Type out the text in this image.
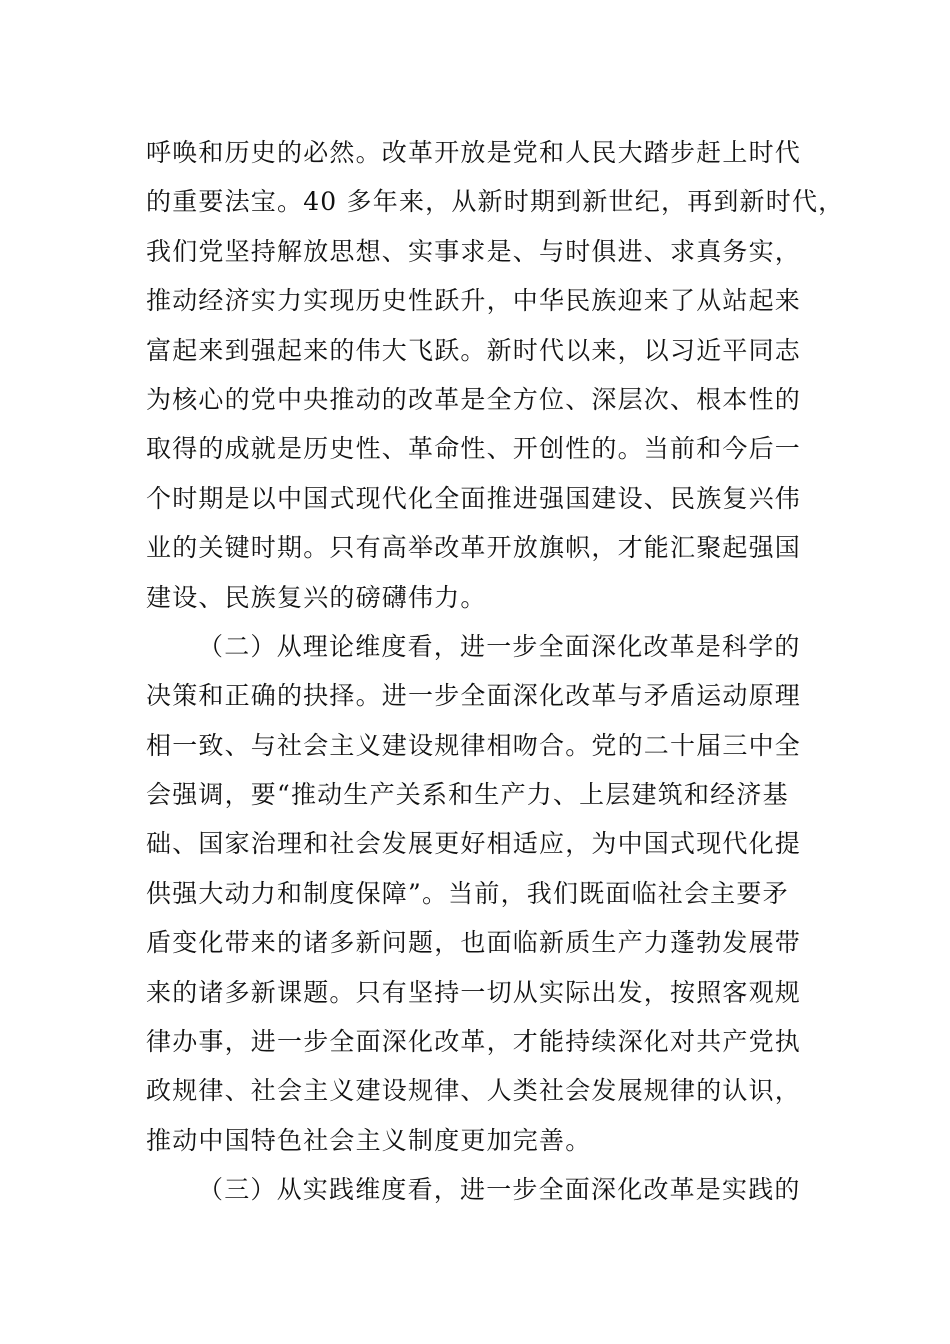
呼唤和历史的必然。改革开放是党和人民大踏步赶上时代
的重要法宝。40 多年来，从新时期到新世纪，再到新时代，
我们党坚持解放思想、实事求是、与时俱进、求真务实，
推动经济实力实现历史性跃升，中华民族迎来了从站起来
富起来到强起来的伟大飞跃。新时代以来，以习近平同志
为核心的党中央推动的改革是全方位、深层次、根本性的
取得的成就是历史性、革命性、开创性的。当前和今后一
个时期是以中国式现代化全面推进强国建设、民族复兴伟
业的关键时期。只有高举改革开放旗帜，才能汇聚起强国
建设、民族复兴的磅礴伟力。
（二）从理论维度看，进一步全面深化改革是科学的
决策和正确的抉择。进一步全面深化改革与矛盾运动原理
相一致、与社会主义建设规律相吻合。党的二十届三中全
会强调，要“推动生产关系和生产力、上层建筑和经济基
础、国家治理和社会发展更好相适应，为中国式现代化提
供强大动力和制度保障”。当前，我们既面临社会主要矛
盾变化带来的诸多新问题，也面临新质生产力蓬勃发展带
来的诸多新课题。只有坚持一切从实际出发，按照客观规
律办事，进一步全面深化改革，才能持续深化对共产党执
政规律、社会主义建设规律、人类社会发展规律的认识，
推动中国特色社会主义制度更加完善。
（三）从实践维度看，进一步全面深化改革是实践的
